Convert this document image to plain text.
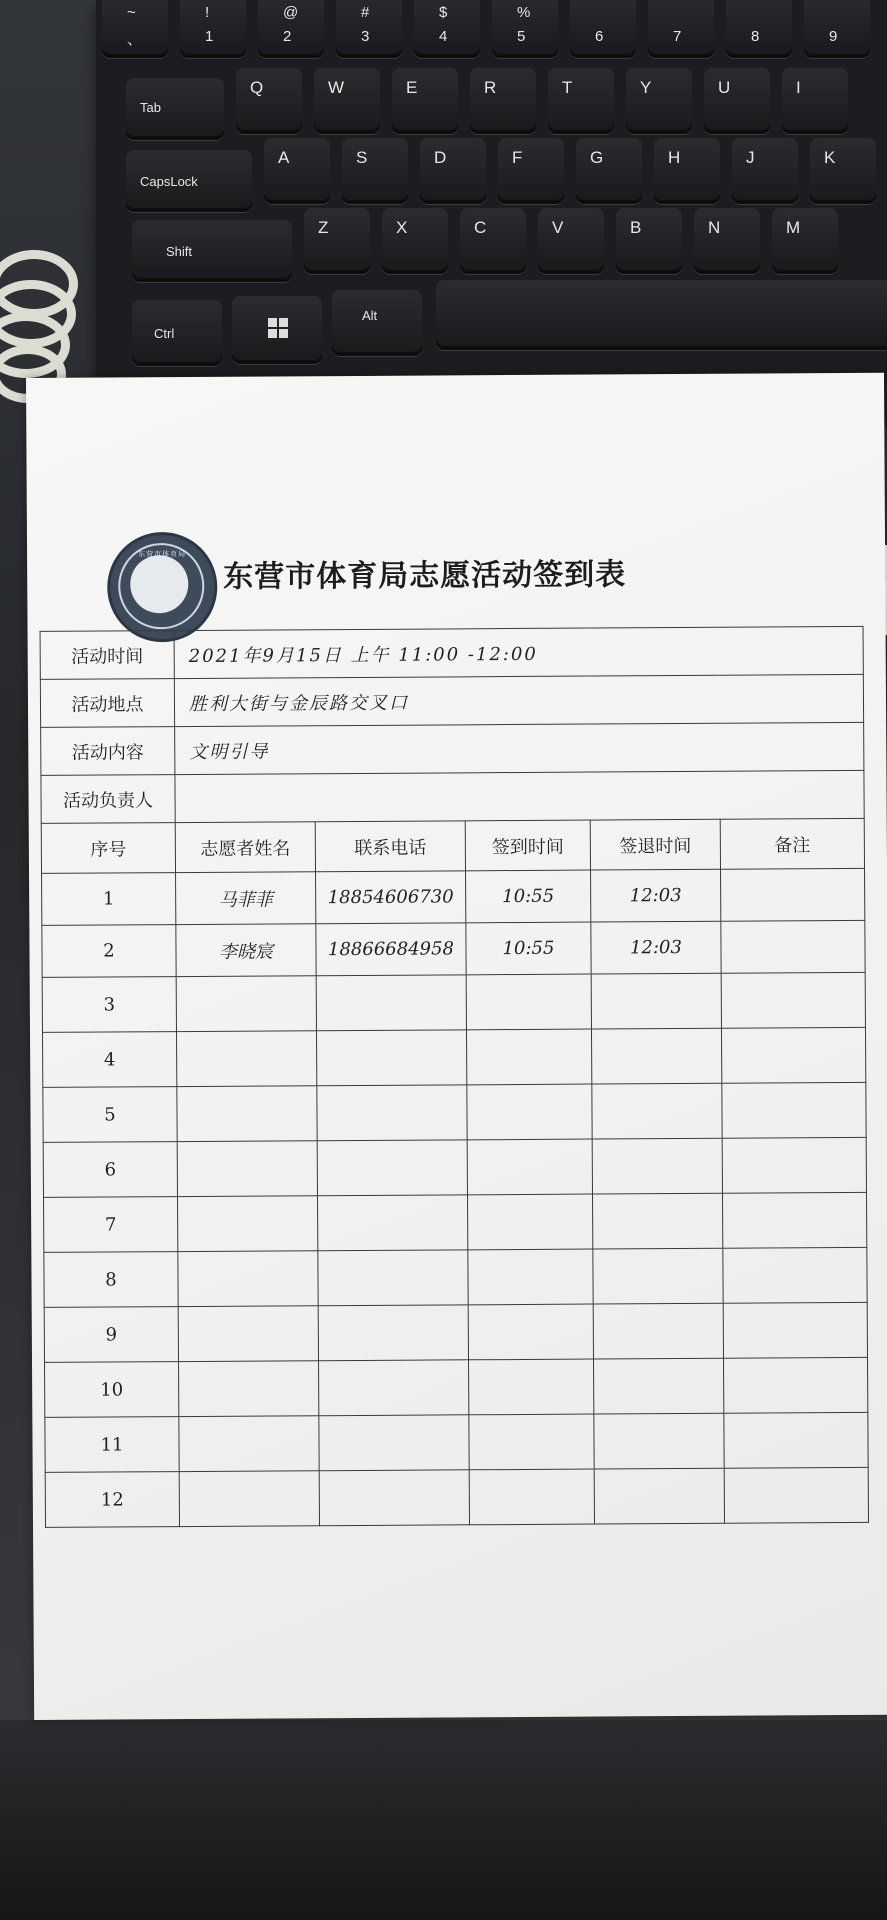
~
、
!
1
@
2
#
3
$
4
%
5	6	7	8	9
Tab
Q	W	E	R	T	Y	U	I
CapsLock
A	S	D	F	G	H	J	K
Shift
Z	X	C	V	B	N	M
Ctrl
Alt
东营市体育局
东营市体育局志愿活动签到表
活动时间	2021年9月15日 上午 11:00 -12:00				
活动地点	胜利大街与金辰路交叉口				
活动内容	文明引导				
活动负责人					
序号	志愿者姓名	联系电话	签到时间	签退时间	备注
1	马菲菲	18854606730	10:55	12:03	
2	李晓宸	18866684958	10:55	12:03	
3					
4					
5					
6					
7					
8					
9					
10					
11					
12					
